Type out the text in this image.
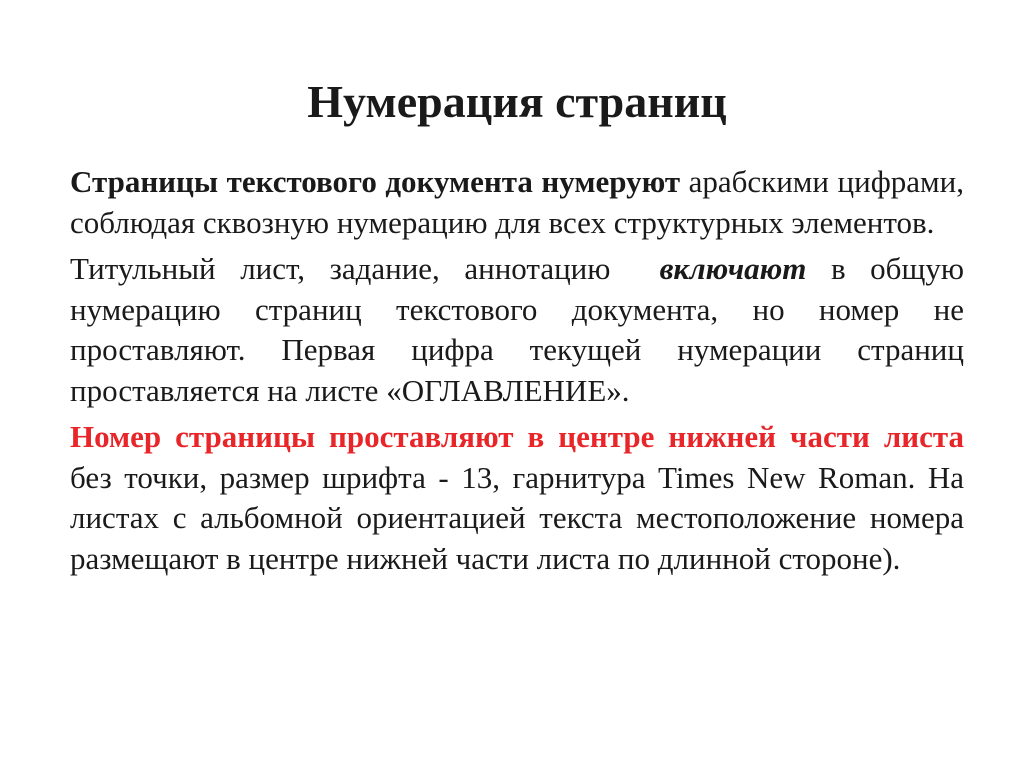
Нумерация страниц

Страницы текстового документа нумеруют арабскими цифрами, соблюдая сквозную нумерацию для всех структурных элементов.

Титульный лист, задание, аннотацию  включают в общую нумерацию страниц текстового документа, но номер не проставляют. Первая цифра текущей нумерации страниц проставляется на листе «ОГЛАВЛЕНИЕ».

Номер страницы проставляют в центре нижней части листа без точки, размер шрифта - 13, гарнитура Times New Roman. На листах с альбомной ориентацией текста местоположение номера размещают в центре нижней части листа по длинной стороне).
